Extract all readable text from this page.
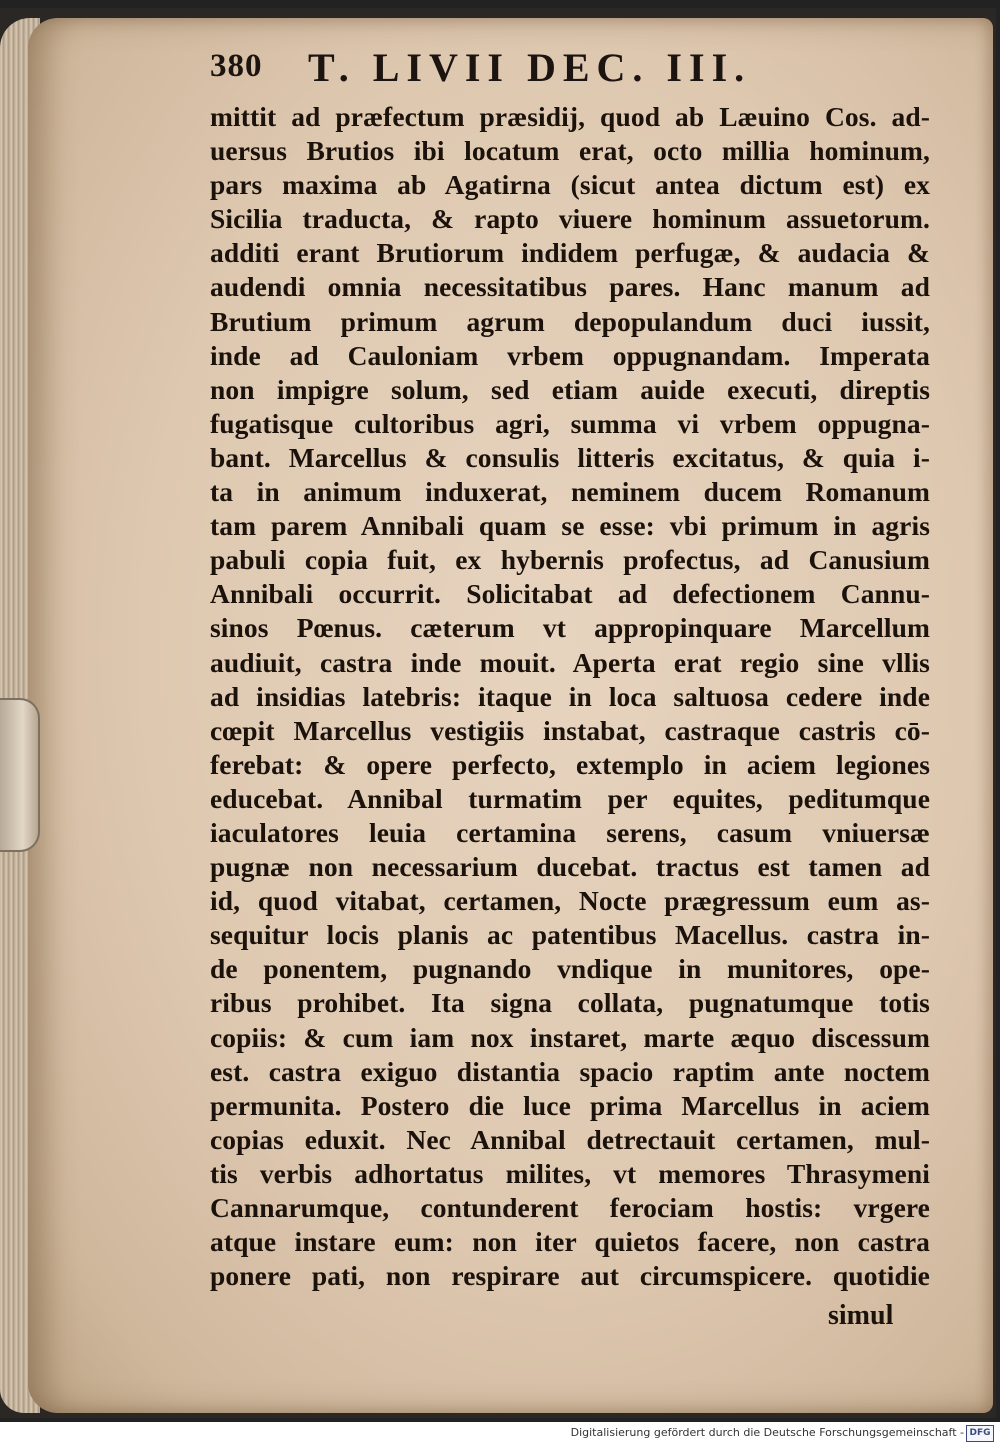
380 T. LIVII DEC. III.
mittit ad præfectum præsidij, quod ab Læuino Cos. ad-
uersus Brutios ibi locatum erat, octo millia hominum,
pars maxima ab Agatirna (sicut antea dictum est) ex
Sicilia traducta, & rapto viuere hominum assuetorum.
additi erant Brutiorum indidem perfugæ, & audacia &
audendi omnia necessitatibus pares. Hanc manum ad
Brutium primum agrum depopulandum duci iussit,
inde ad Cauloniam vrbem oppugnandam. Imperata
non impigre solum, sed etiam auide executi, direptis
fugatisque cultoribus agri, summa vi vrbem oppugna-
bant. Marcellus & consulis litteris excitatus, & quia i-
ta in animum induxerat, neminem ducem Romanum
tam parem Annibali quam se esse: vbi primum in agris
pabuli copia fuit, ex hybernis profectus, ad Canusium
Annibali occurrit. Solicitabat ad defectionem Cannu-
sinos Pœnus. cæterum vt appropinquare Marcellum
audiuit, castra inde mouit. Aperta erat regio sine vllis
ad insidias latebris: itaque in loca saltuosa cedere inde
cœpit Marcellus vestigiis instabat, castraque castris cō-
ferebat: & opere perfecto, extemplo in aciem legiones
educebat. Annibal turmatim per equites, peditumque
iaculatores leuia certamina serens, casum vniuersæ
pugnæ non necessarium ducebat. tractus est tamen ad
id, quod vitabat, certamen, Nocte prægressum eum as-
sequitur locis planis ac patentibus Macellus. castra in-
de ponentem, pugnando vndique in munitores, ope-
ribus prohibet. Ita signa collata, pugnatumque totis
copiis: & cum iam nox instaret, marte æquo discessum
est. castra exiguo distantia spacio raptim ante noctem
permunita. Postero die luce prima Marcellus in aciem
copias eduxit. Nec Annibal detrectauit certamen, mul-
tis verbis adhortatus milites, vt memores Thrasymeni
Cannarumque, contunderent ferociam hostis: vrgere
atque instare eum: non iter quietos facere, non castra
ponere pati, non respirare aut circumspicere. quotidie
simul
Digitalisierung gefördert durch die Deutsche Forschungsgemeinschaft - DFG
